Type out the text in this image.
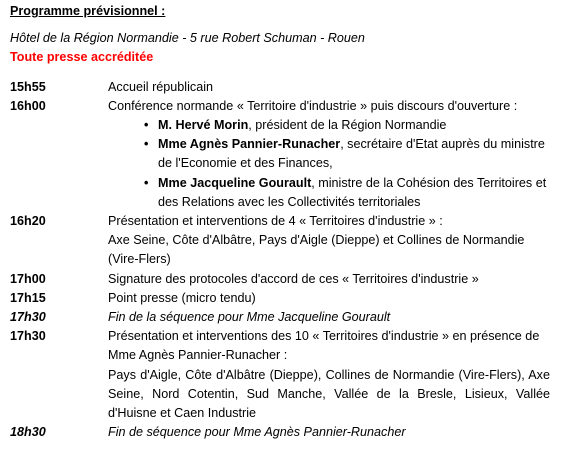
Programme prévisionnel :
Hôtel de la Région Normandie - 5 rue Robert Schuman - Rouen
Toute presse accréditée
15h55	Accueil républicain
16h00	Conférence normande « Territoire d'industrie » puis discours d'ouverture :
• M. Hervé Morin, président de la Région Normandie
• Mme Agnès Pannier-Runacher, secrétaire d'Etat auprès du ministre de l'Economie et des Finances,
• Mme Jacqueline Gourault, ministre de la Cohésion des Territoires et des Relations avec les Collectivités territoriales
16h20	Présentation et interventions de 4 « Territoires d'industrie » :
Axe Seine, Côte d'Albâtre, Pays d'Aigle (Dieppe) et Collines de Normandie (Vire-Flers)
17h00	Signature des protocoles d'accord de ces « Territoires d'industrie »
17h15	Point presse (micro tendu)
17h30	Fin de la séquence pour Mme Jacqueline Gourault
17h30	Présentation et interventions des 10 « Territoires d'industrie » en présence de Mme Agnès Pannier-Runacher :
Pays d'Aigle, Côte d'Albâtre (Dieppe), Collines de Normandie (Vire-Flers), Axe Seine, Nord Cotentin, Sud Manche, Vallée de la Bresle, Lisieux, Vallée d'Huisne et Caen Industrie
18h30	Fin de séquence pour Mme Agnès Pannier-Runacher
